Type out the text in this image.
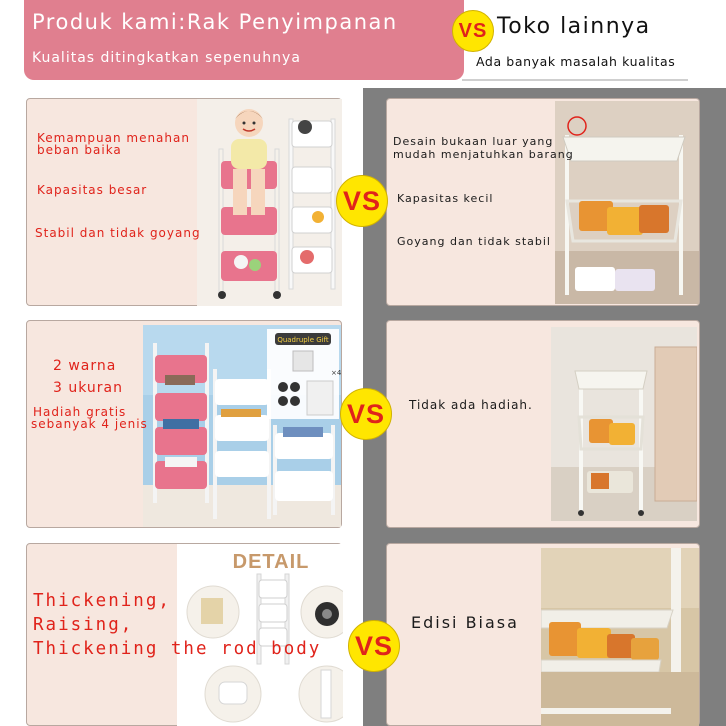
Produk kami:Rak Penyimpanan
Kualitas ditingkatkan sepenuhnya
Toko lainnya
Ada banyak masalah kualitas
VS
Kemampuan menahan
beban baika
Kapasitas besar
Stabil dan tidak goyang
Desain bukaan luar yang
mudah menjatuhkan barang
Kapasitas kecil
Goyang dan tidak stabil
VS
Quadruple Gift
×4
2 warna
3 ukuran
Hadiah gratis
sebanyak 4 jenis
Tidak ada hadiah.
VS
DETAIL
Thickening,
Raising,
Thickening the rod body
Edisi Biasa
VS
